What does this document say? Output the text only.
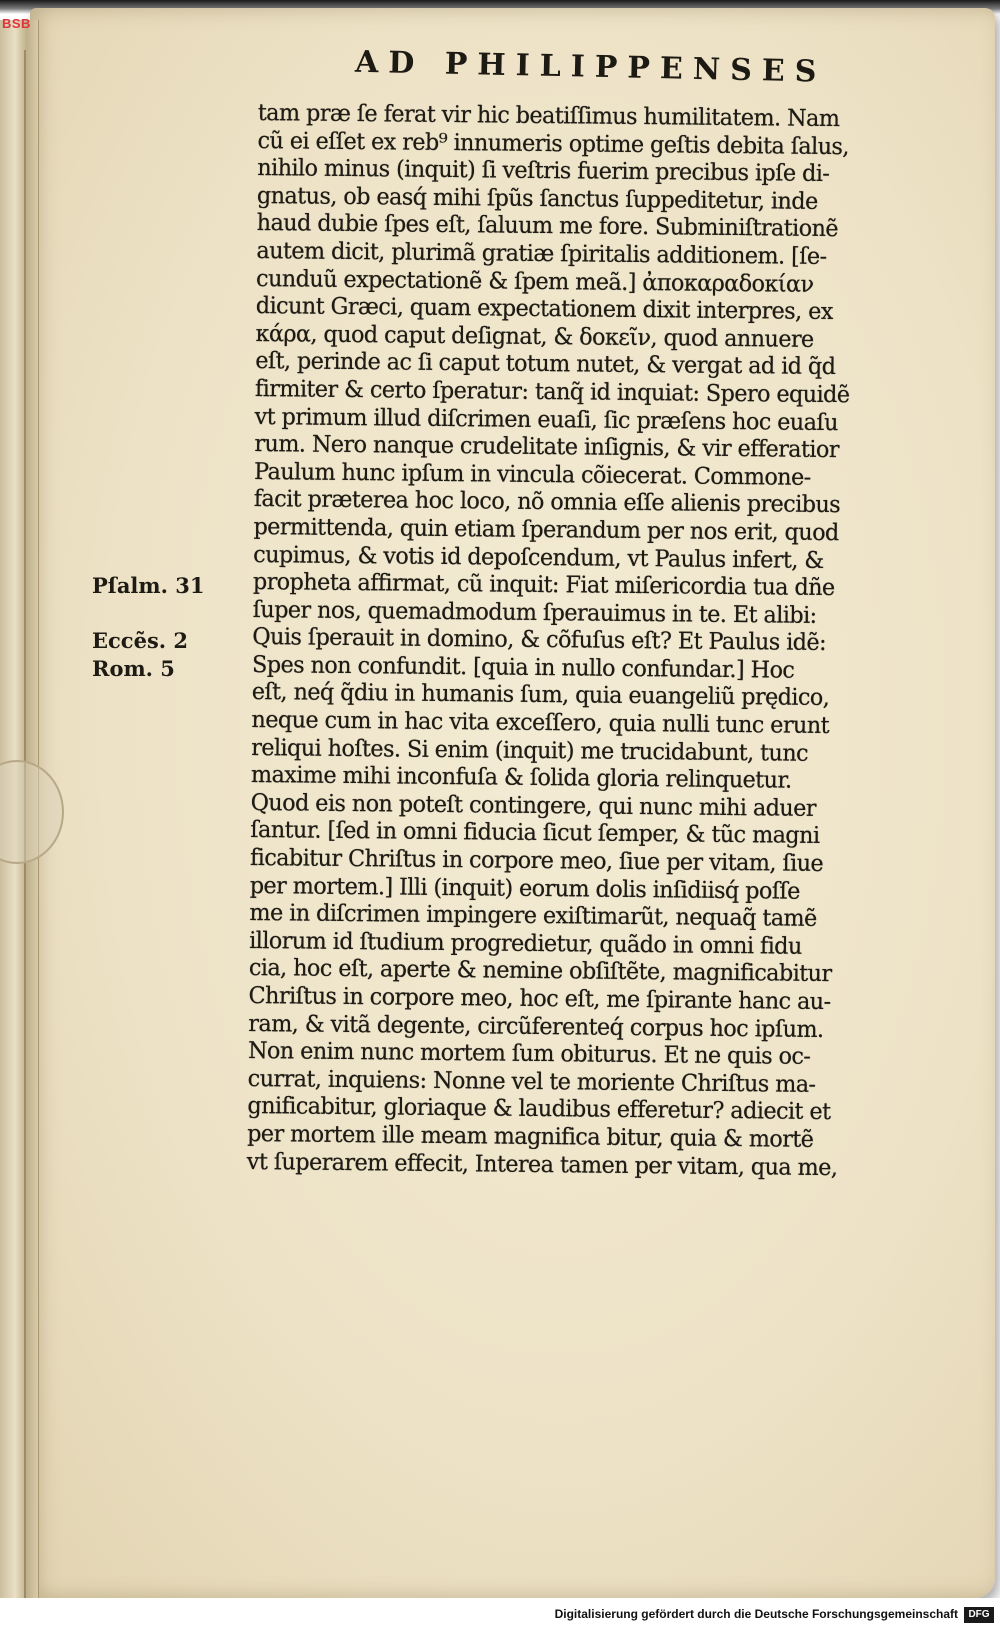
AD PHILIPPENSES
tam præ ſe ferat vir hic beatiſſimus humilitatem. Nam
cũ ei eſſet ex reb⁹ innumeris optime geſtis debita ſalus,
nihilo minus (inquit) ſi veſtris fuerim precibus ipſe di-
gnatus, ob easq́ mihi ſpũs ſanctus ſuppeditetur, inde
haud dubie ſpes eſt, ſaluum me fore. Subminiſtrationẽ
autem dicit, plurimã gratiæ ſpiritalis additionem. [ſe-
cunduũ expectationẽ & ſpem meã.] ἀποκαραδοκίαν
dicunt Græci, quam expectationem dixit interpres, ex
κάρα, quod caput deſignat, & δοκεῖν, quod annuere
eſt, perinde ac ſi caput totum nutet, & vergat ad id q̃d
firmiter & certo ſperatur: tanq̃ id inquiat: Spero equidẽ
vt primum illud diſcrimen euaſi, ſic præſens hoc euaſu
rum. Nero nanque crudelitate inſignis, & vir efferatior
Paulum hunc ipſum in vincula cõiecerat. Commone-
facit præterea hoc loco, nõ omnia eſſe alienis precibus
permittenda, quin etiam ſperandum per nos erit, quod
cupimus, & votis id depoſcendum, vt Paulus infert, &
propheta affirmat, cũ inquit: Fiat miſericordia tua dñe
ſuper nos, quemadmodum ſperauimus in te. Et alibi:
Quis ſperauit in domino, & cõfuſus eſt? Et Paulus idẽ:
Spes non confundit. [quia in nullo confundar.] Hoc
eſt, neq́ q̃diu in humanis ſum, quia euangeliũ prędico,
neque cum in hac vita exceſſero, quia nulli tunc erunt
reliqui hoſtes. Si enim (inquit) me trucidabunt, tunc
maxime mihi inconfuſa & ſolida gloria relinquetur.
Quod eis non poteſt contingere, qui nunc mihi aduer
ſantur. [ſed in omni fiducia ſicut ſemper, & tũc magni
ficabitur Chriſtus in corpore meo, ſiue per vitam, ſiue
per mortem.] Illi (inquit) eorum dolis inſidiisq́ poſſe
me in diſcrimen impingere exiſtimarũt, nequaq̃ tamẽ
illorum id ſtudium progredietur, quãdo in omni fidu
cia, hoc eſt, aperte & nemine obſiſtẽte, magnificabitur
Chriſtus in corpore meo, hoc eſt, me ſpirante hanc au-
ram, & vitã degente, circũferenteq́ corpus hoc ipſum.
Non enim nunc mortem ſum obiturus. Et ne quis oc-
currat, inquiens: Nonne vel te moriente Chriſtus ma-
gnificabitur, gloriaque & laudibus efferetur? adiecit et
per mortem ille meam magnifica bitur, quia & mortẽ
vt ſuperarem effecit, Interea tamen per vitam, qua me,
Pſalm. 31
Eccẽs. 2
Rom. 5
BSB
Digitalisierung gefördert durch die Deutsche Forschungsgemeinschaft	DFG
